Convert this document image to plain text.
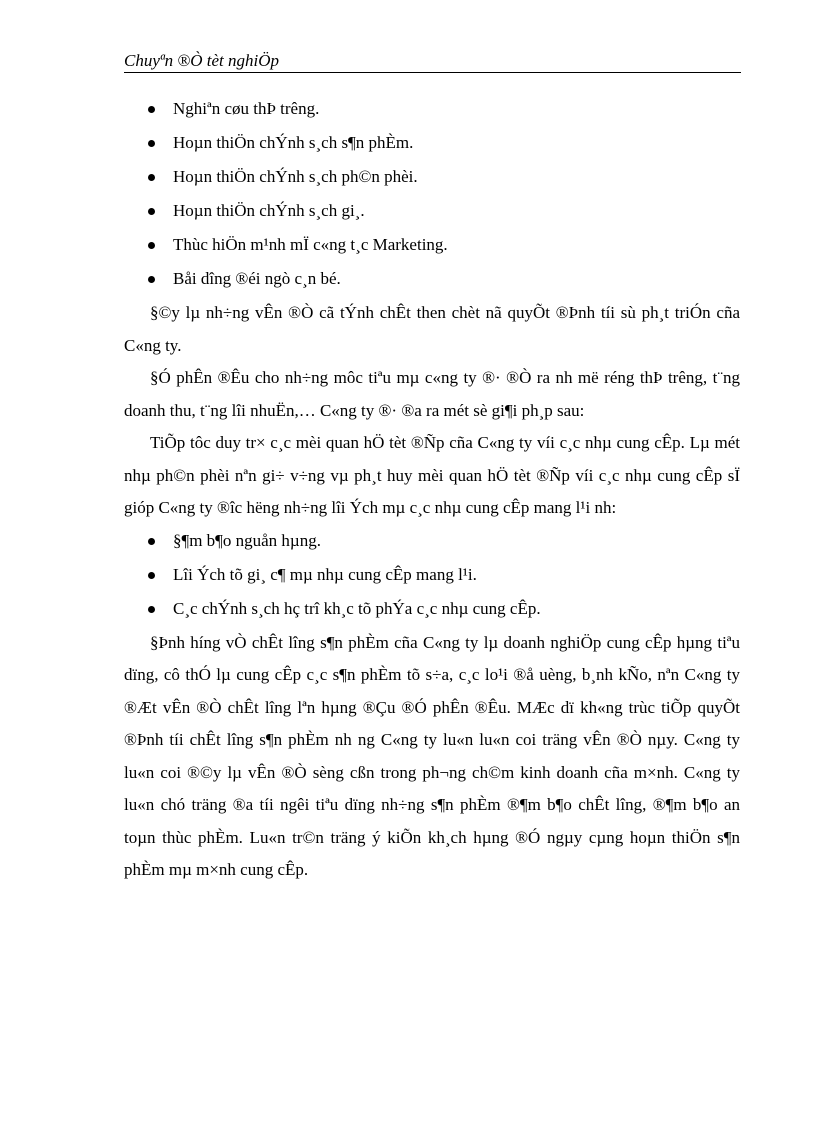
Chuyªn ®Ò tèt nghiÖp
Nghiªn cøu thÞ trêng.
Hoµn thiÖn chÝnh s¸ch s¶n phÈm.
Hoµn thiÖn chÝnh s¸ch ph©n phèi.
Hoµn thiÖn chÝnh s¸ch gi¸.
Thùc hiÖn m¹nh mÏ c«ng t¸c Marketing.
Båi dîng ®éi ngò c¸n bé.

§©y lµ nh÷ng vÊn ®Ò cã tÝnh chÊt then chèt nã quyÕt ®Þnh tíi sù ph¸t triÓn cña C«ng ty.

§Ó phÊn ®Êu cho nh÷ng môc tiªu mµ c«ng ty ®· ®Ò ra nh më réng thÞ trêng, t¨ng doanh thu, t¨ng lîi nhuËn,… C«ng ty ®· ®a ra mét sè gi¶i ph¸p sau:

TiÕp tôc duy tr× c¸c mèi quan hÖ tèt ®Ñp cña C«ng ty víi c¸c nhµ cung cÊp. Lµ mét nhµ ph©n phèi nªn gi÷ v÷ng vµ ph¸t huy mèi quan hÖ tèt ®Ñp víi c¸c nhµ cung cÊp sÏ gióp C«ng ty ®îc hëng nh÷ng lîi Ých mµ c¸c nhµ cung cÊp mang l¹i nh:

§¶m b¶o nguån hµng.
Lîi Ých tõ gi¸ c¶ mµ nhµ cung cÊp mang l¹i.
C¸c chÝnh s¸ch hç trî kh¸c tõ phÝa c¸c nhµ cung cÊp.

§Þnh híng vÒ chÊt lîng s¶n phÈm cña C«ng ty lµ doanh nghiÖp cung cÊp hµng tiªu dïng, cô thÓ lµ cung cÊp c¸c s¶n phÈm tõ s÷a, c¸c lo¹i ®å uèng, b¸nh kÑo, nªn C«ng ty ®Æt vÊn ®Ò chÊt lîng lªn hµng ®Çu ®Ó phÊn ®Êu. MÆc dï kh«ng trùc tiÕp quyÕt ®Þnh tíi chÊt lîng s¶n phÈm nh ng C«ng ty lu«n lu«n coi träng vÊn ®Ò nµy. C«ng ty lu«n coi ®©y lµ vÊn ®Ò sèng cßn trong ph¬ng ch©m kinh doanh cña m×nh. C«ng ty lu«n chó träng ®a tíi ngêi tiªu dïng nh÷ng s¶n phÈm ®¶m b¶o chÊt lîng, ®¶m b¶o an toµn thùc phÈm. Lu«n tr©n träng ý kiÕn kh¸ch hµng ®Ó ngµy cµng hoµn thiÖn s¶n phÈm mµ m×nh cung cÊp.
